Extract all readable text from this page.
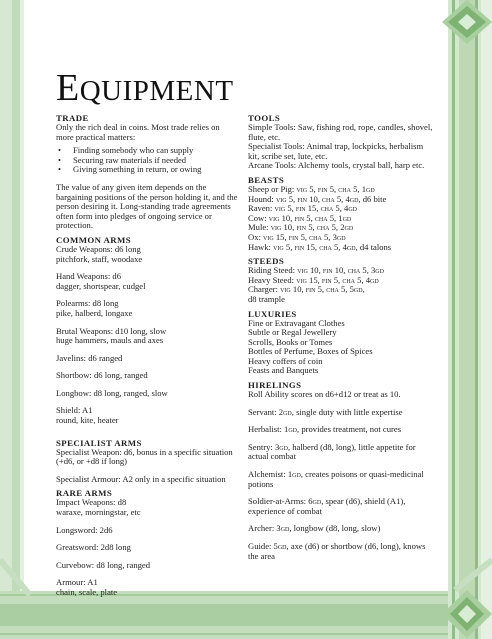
EQUIPMENT
TRADE

Only the rich deal in coins. Most trade relies on more practical matters:

• Finding somebody who can supply
• Securing raw materials if needed
• Giving something in return, or owing

The value of any given item depends on the bargaining positions of the person holding it, and the person desiring it. Long-standing trade agreements often form into pledges of ongoing service or protection.

COMMON ARMS
Crude Weapons: d6 long
pitchfork, staff, woodaxe
Hand Weapons: d6
dagger, shortspear, cudgel
Polearms: d8 long
pike, halberd, longaxe
Brutal Weapons: d10 long, slow
huge hammers, mauls and axes
Javelins: d6 ranged
Shortbow: d6 long, ranged
Longbow: d8 long, ranged, slow
Shield: A1
round, kite, heater
SPECIALIST ARMS
Specialist Weapon: d6, bonus in a specific situation (+d6, or +d8 if long)
Specialist Armour: A2 only in a specific situation
RARE ARMS
Impact Weapons: d8
waraxe, morningstar, etc
Longsword: 2d6
Greatsword: 2d8 long
Curvebow: d8 long, ranged
Armour: A1
chain, scale, plate
TOOLS
Simple Tools: Saw, fishing rod, rope, candles, shovel, flute, etc.
Specialist Tools: Animal trap, lockpicks, herbalism kit, scribe set, lute, etc.
Arcane Tools: Alchemy tools, crystal ball, harp etc.
BEASTS
Sheep or Pig: vig 5, fin 5, cha 5, 1gd
Hound: vig 5, fin 10, cha 5, 4gd, d6 bite
Raven: vig 5, fin 15, cha 5, 4gd
Cow: vig 10, fin 5, cha 5, 1gd
Mule: vig 10, fin 5, cha 5, 2gd
Ox: vig 15, fin 5, cha 5, 3gd
Hawk: vig 5, fin 15, cha 5, 4gd, d4 talons
STEEDS
Riding Steed: vig 10, fin 10, cha 5, 3gd
Heavy Steed: vig 15, fin 5, cha 5, 4gd
Charger: vig 10, fin 5, cha 5, 5gd,
d8 trample
LUXURIES
Fine or Extravagant Clothes
Subtle or Regal Jewellery
Scrolls, Books or Tomes
Bottles of Perfume, Boxes of Spices
Heavy coffers of coin
Feasts and Banquets
HIRELINGS
Roll Ability scores on d6+d12 or treat as 10.
Servant: 2gd, single duty with little expertise
Herbalist: 1gd, provides treatment, not cures
Sentry: 3gd, halberd (d8, long), little appetite for actual combat
Alchemist: 1gd, creates poisons or quasi-medicinal potions
Soldier-at-Arms: 6gd, spear (d6), shield (A1), experience of combat
Archer: 3gd, longbow (d8, long, slow)
Guide: 5gd, axe (d6) or shortbow (d6, long), knows the area
